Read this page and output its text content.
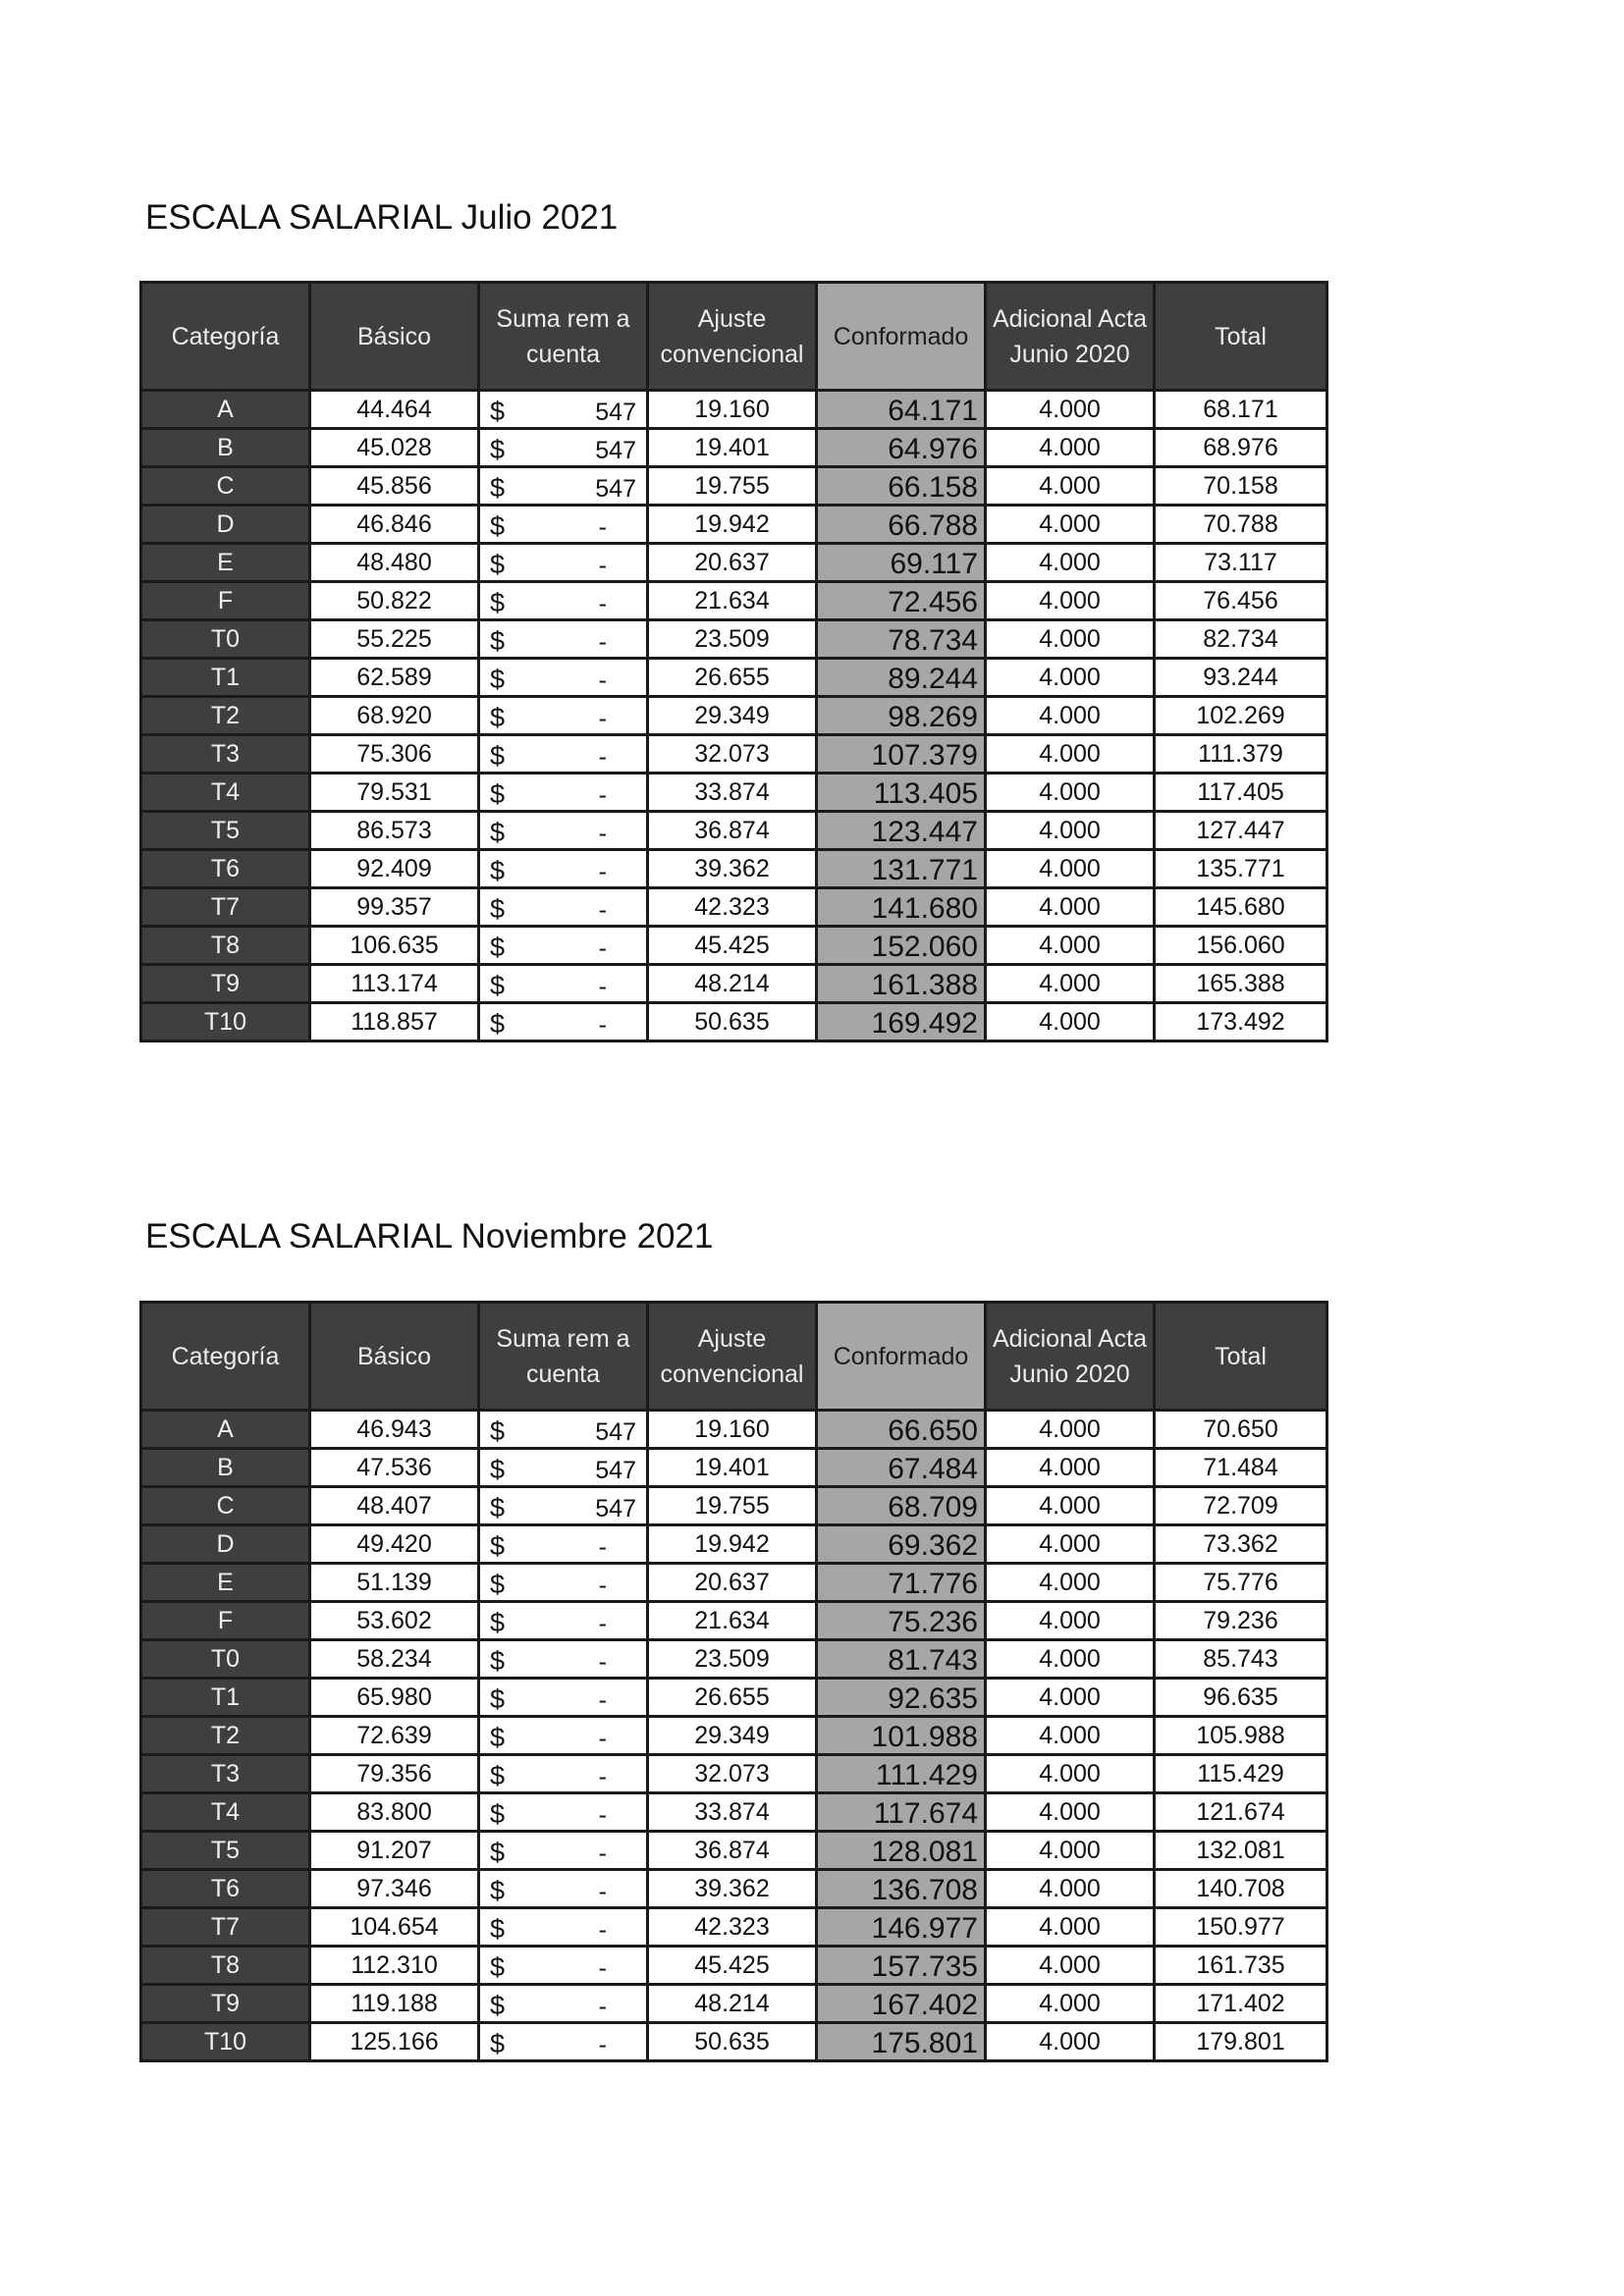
ESCALA SALARIAL Julio 2021
Categoría	Básico	Suma rem a cuenta	Ajuste convencional	Conformado	Adicional Acta Junio 2020	Total
A	44.464	$ 547	19.160	64.171	4.000	68.171
B	45.028	$ 547	19.401	64.976	4.000	68.976
C	45.856	$ 547	19.755	66.158	4.000	70.158
D	46.846	$ -	19.942	66.788	4.000	70.788
E	48.480	$ -	20.637	69.117	4.000	73.117
F	50.822	$ -	21.634	72.456	4.000	76.456
T0	55.225	$ -	23.509	78.734	4.000	82.734
T1	62.589	$ -	26.655	89.244	4.000	93.244
T2	68.920	$ -	29.349	98.269	4.000	102.269
T3	75.306	$ -	32.073	107.379	4.000	111.379
T4	79.531	$ -	33.874	113.405	4.000	117.405
T5	86.573	$ -	36.874	123.447	4.000	127.447
T6	92.409	$ -	39.362	131.771	4.000	135.771
T7	99.357	$ -	42.323	141.680	4.000	145.680
T8	106.635	$ -	45.425	152.060	4.000	156.060
T9	113.174	$ -	48.214	161.388	4.000	165.388
T10	118.857	$ -	50.635	169.492	4.000	173.492
ESCALA SALARIAL Noviembre 2021
Categoría	Básico	Suma rem a cuenta	Ajuste convencional	Conformado	Adicional Acta Junio 2020	Total
A	46.943	$ 547	19.160	66.650	4.000	70.650
B	47.536	$ 547	19.401	67.484	4.000	71.484
C	48.407	$ 547	19.755	68.709	4.000	72.709
D	49.420	$ -	19.942	69.362	4.000	73.362
E	51.139	$ -	20.637	71.776	4.000	75.776
F	53.602	$ -	21.634	75.236	4.000	79.236
T0	58.234	$ -	23.509	81.743	4.000	85.743
T1	65.980	$ -	26.655	92.635	4.000	96.635
T2	72.639	$ -	29.349	101.988	4.000	105.988
T3	79.356	$ -	32.073	111.429	4.000	115.429
T4	83.800	$ -	33.874	117.674	4.000	121.674
T5	91.207	$ -	36.874	128.081	4.000	132.081
T6	97.346	$ -	39.362	136.708	4.000	140.708
T7	104.654	$ -	42.323	146.977	4.000	150.977
T8	112.310	$ -	45.425	157.735	4.000	161.735
T9	119.188	$ -	48.214	167.402	4.000	171.402
T10	125.166	$ -	50.635	175.801	4.000	179.801
